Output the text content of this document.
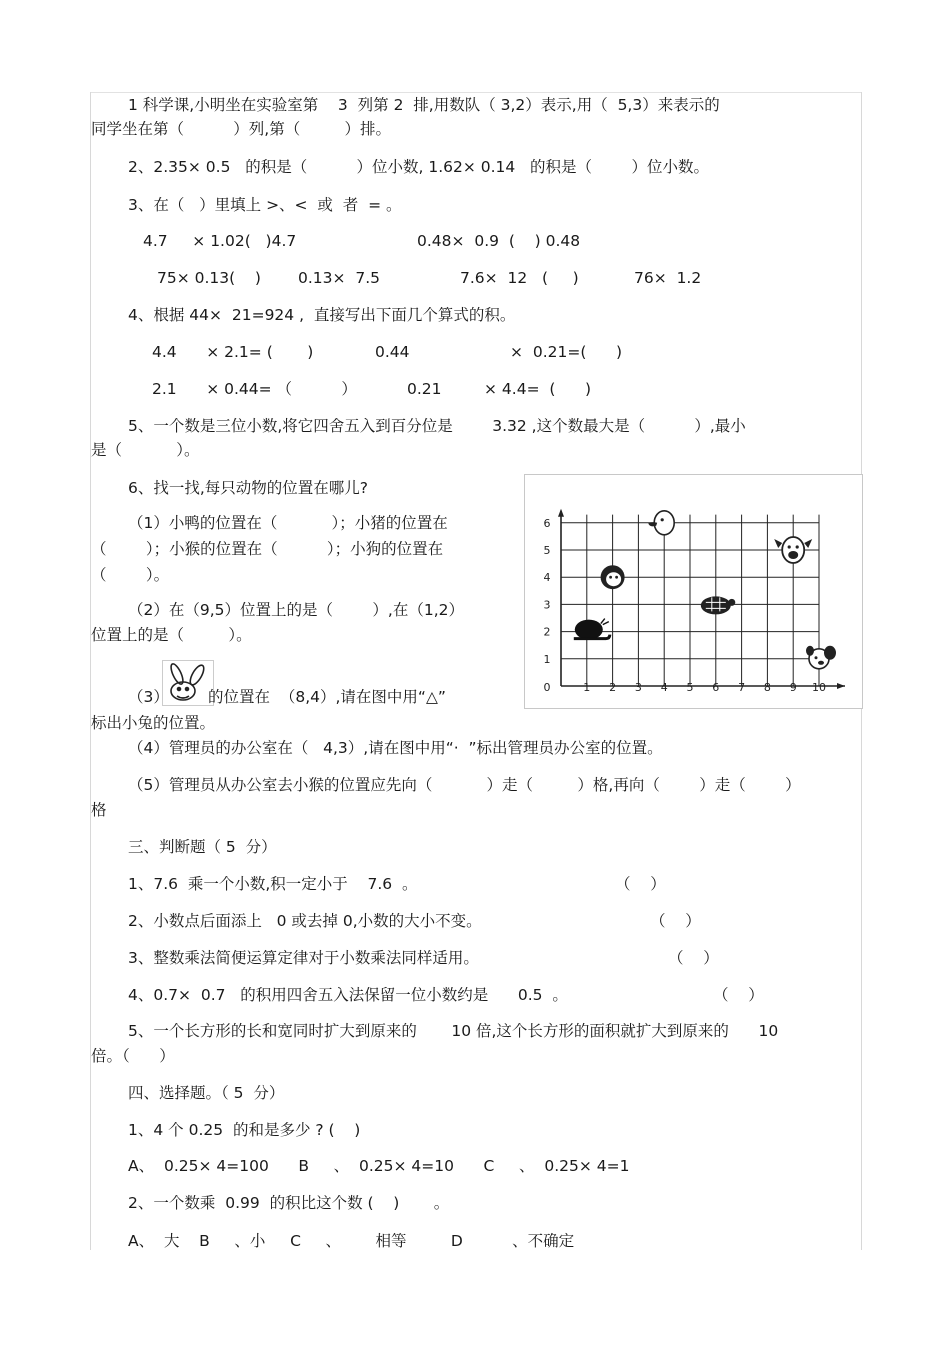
1 科学课,小明坐在实验室第    3  列第 2  排,用数队（ 3,2）表示,用（  5,3）来表示的
同学坐在第（          ）列,第（         ）排。
2、2.35× 0.5   的积是（          ）位小数, 1.62× 0.14   的积是（        ）位小数。
3、在（   ）里填上 >、<  或  者  = 。
4.7     × 1.02(   )4.7	0.48×  0.9  (    ) 0.48
75× 0.13(    ) 0.13×  7.5	7.6×  12   (     )	76×  1.2
4、根据 44×  21=924 ,  直接写出下面几个算式的积。
4.4      × 2.1= (       )	0.44	×  0.21=(      )
2.1      × 0.44= （          ）	0.21	× 4.4=  (      )
5、一个数是三位小数,将它四舍五入到百分位是        3.32 ,这个数最大是（          ）,最小
是（           ）。
6、找一找,每只动物的位置在哪儿?
（1）小鸭的位置在（           ）；小猪的位置在
（        ）；小猴的位置在（          ）；小狗的位置在
（        ）。
（2）在（9,5）位置上的是（        ）,在（1,2）
位置上的是（         ）。
（3）	的位置在  （8,4）,请在图中用“△”
标出小兔的位置。
（4）管理员的办公室在（   4,3）,请在图中用“·  ”标出管理员办公室的位置。
（5）管理员从办公室去小猴的位置应先向（           ）走（         ）格,再向（        ）走（        ）
格
0	1 2 3 4 5 6 7 8 9 10
1
2
3
4
5
6
三、判断题（ 5  分）
1、7.6  乘一个小数,积一定小于    7.6  。	（    ）
2、小数点后面添上   0 或去掉 0,小数的大小不变。	（    ）
3、整数乘法简便运算定律对于小数乘法同样适用。	（    ）
4、0.7×  0.7   的积用四舍五入法保留一位小数约是      0.5  。	（    ）
5、一个长方形的长和宽同时扩大到原来的       10 倍,这个长方形的面积就扩大到原来的      10
倍。（      ）
四、选择题。（ 5  分）
1、4 个 0.25  的和是多少 ? (    )
A、  0.25× 4=100      B     、  0.25× 4=10      C     、  0.25× 4=1
2、一个数乘  0.99  的积比这个数 (    )       。
A、  大    B     、小     C     、       相等         D          、不确定
